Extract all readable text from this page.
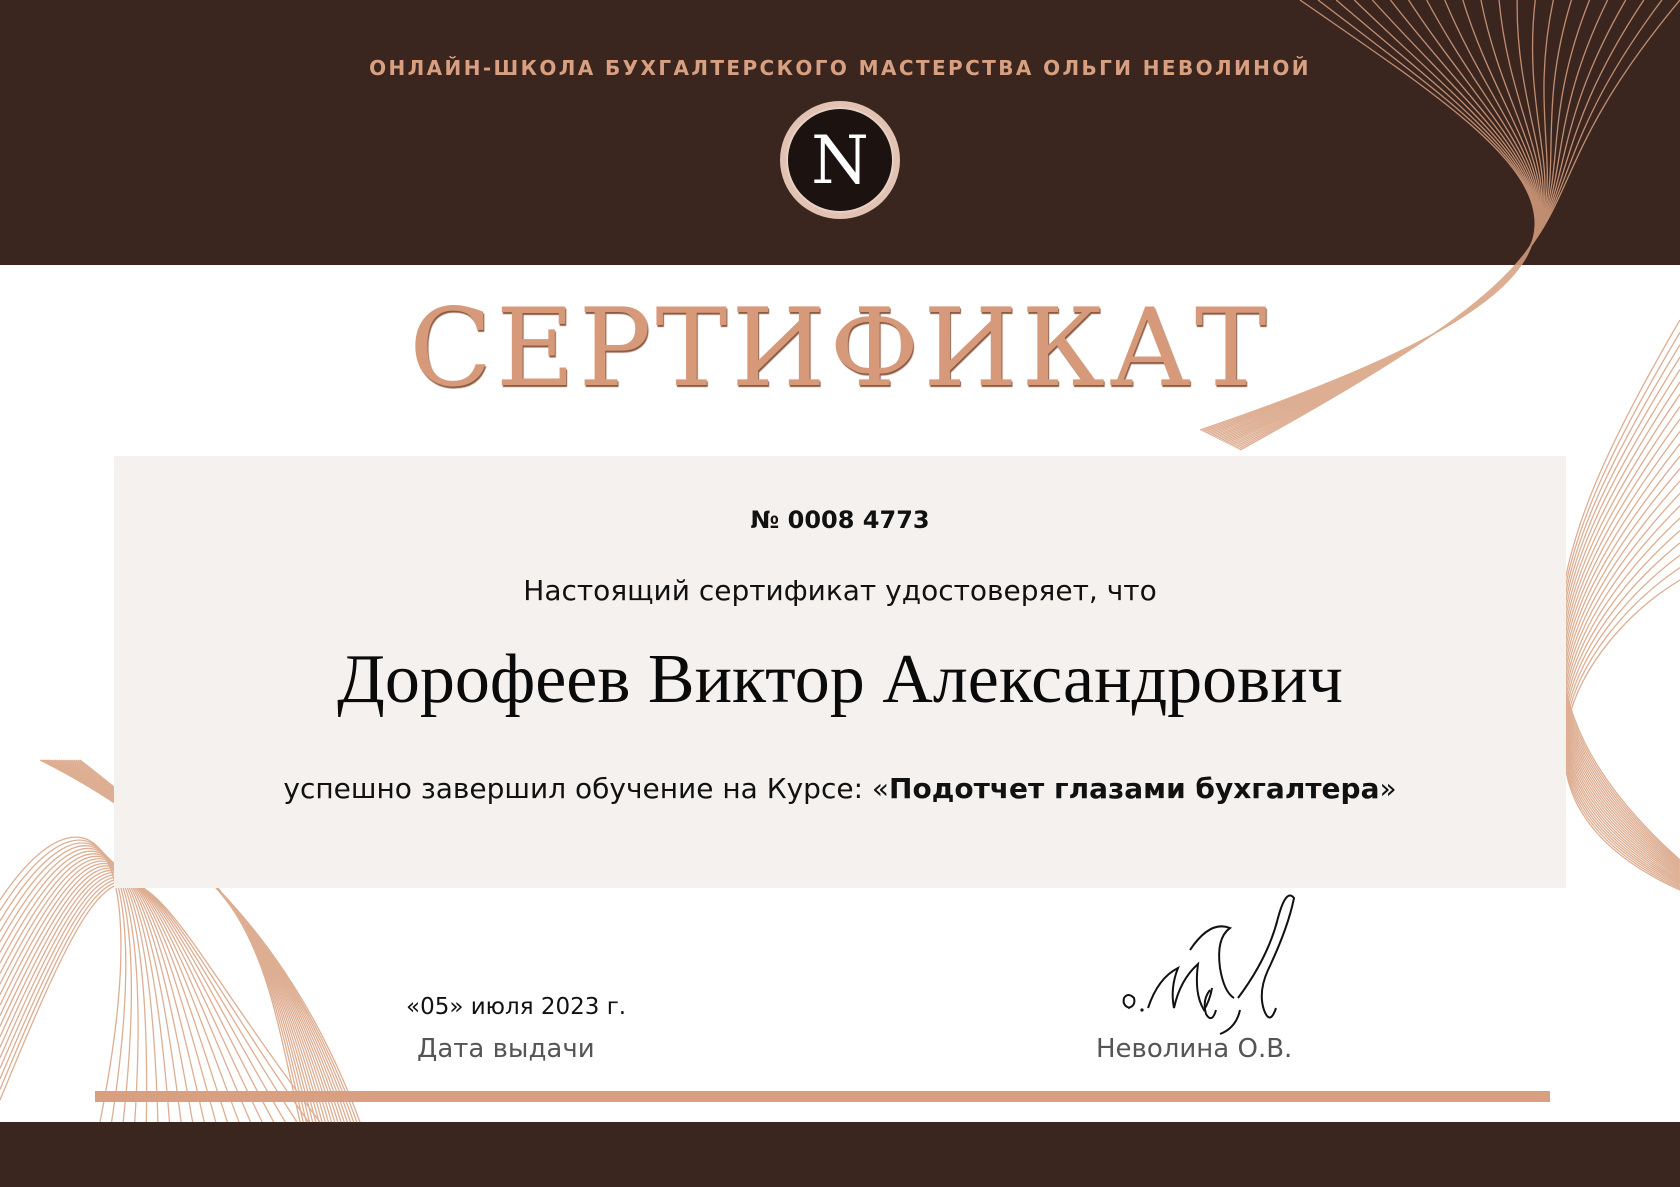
ОНЛАЙН-ШКОЛА БУХГАЛТЕРСКОГО МАСТЕРСТВА ОЛЬГИ НЕВОЛИНОЙ
N
СЕРТИФИКАТ
№ 0008 4773
Настоящий сертификат удостоверяет, что
Дорофеев Виктор Александрович
успешно завершил обучение на Курсе: «Подотчет глазами бухгалтера»
«05» июля 2023 г.
Дата выдачи	Неволина О.В.
